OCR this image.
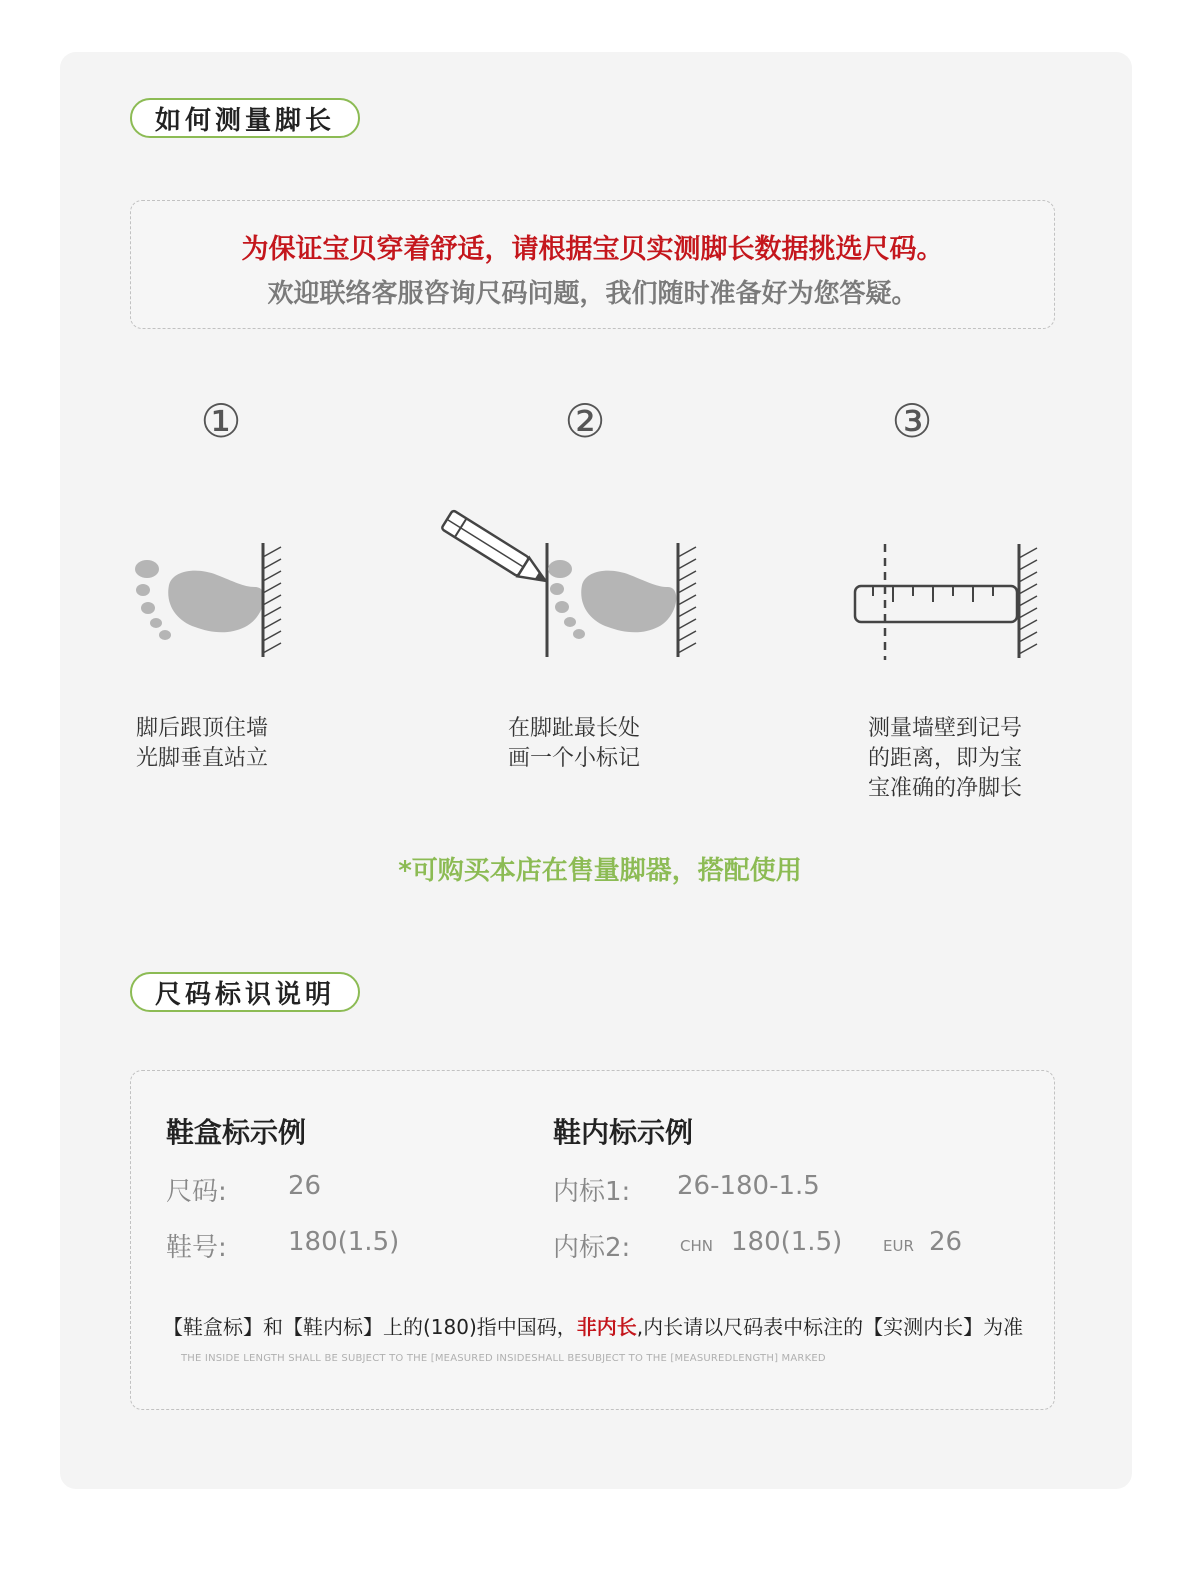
如何测量脚长
为保证宝贝穿着舒适，请根据宝贝实测脚长数据挑选尺码。
欢迎联络客服咨询尺码问题，我们随时准备好为您答疑。
①	②	③
脚后跟顶住墙
光脚垂直站立
在脚趾最长处
画一个小标记
测量墙壁到记号
的距离，即为宝
宝准确的净脚长
*可购买本店在售量脚器，搭配使用
尺码标识说明
鞋盒标示例
尺码: 26
鞋号: 180(1.5)
鞋内标示例
内标1: 26-180-1.5
内标2:	CHN 180(1.5)	EUR 26
【鞋盒标】和【鞋内标】上的(180)指中国码，非内长,内长请以尺码表中标注的【实测内长】为准
THE INSIDE LENGTH SHALL BE SUBJECT TO THE [MEASURED INSIDESHALL BESUBJECT TO THE [MEASUREDLENGTH] MARKED
